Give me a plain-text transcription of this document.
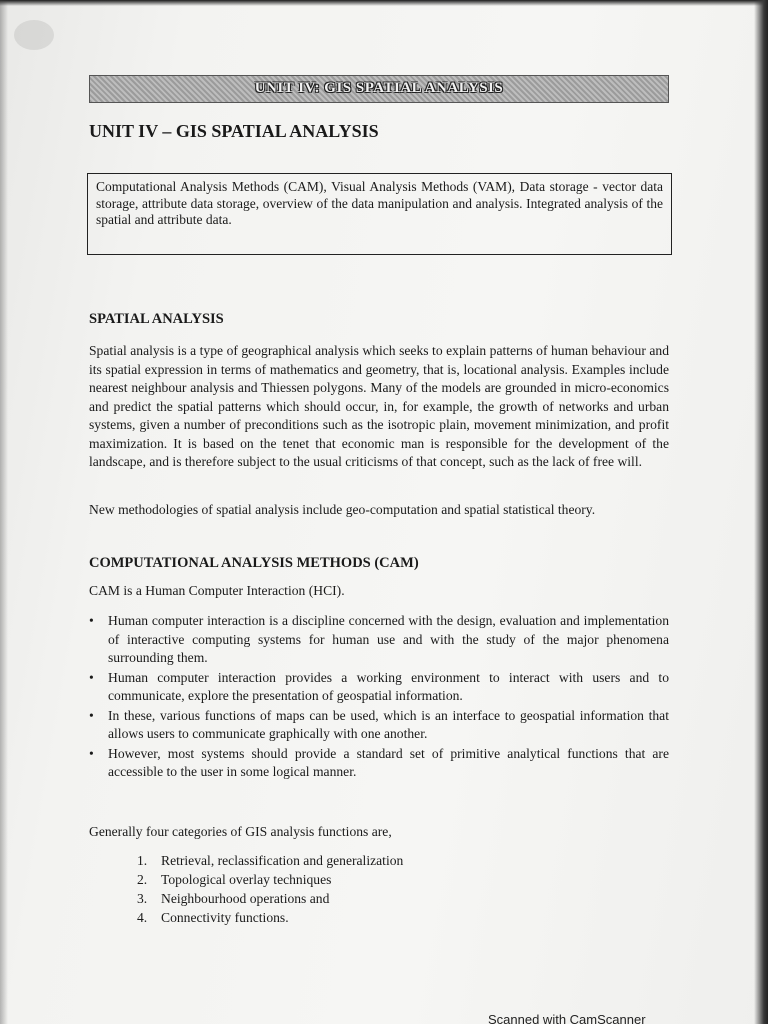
UNIT IV: GIS SPATIAL ANALYSIS
UNIT IV – GIS SPATIAL ANALYSIS
Computational Analysis Methods (CAM), Visual Analysis Methods (VAM), Data storage - vector data storage, attribute data storage, overview of the data manipulation and analysis. Integrated analysis of the spatial and attribute data.
SPATIAL ANALYSIS

Spatial analysis is a type of geographical analysis which seeks to explain patterns of human behaviour and its spatial expression in terms of mathematics and geometry, that is, locational analysis. Examples include nearest neighbour analysis and Thiessen polygons. Many of the models are grounded in micro-economics and predict the spatial patterns which should occur, in, for example, the growth of networks and urban systems, given a number of preconditions such as the isotropic plain, movement minimization, and profit maximization. It is based on the tenet that economic man is responsible for the development of the landscape, and is therefore subject to the usual criticisms of that concept, such as the lack of free will.

New methodologies of spatial analysis include geo-computation and spatial statistical theory.

COMPUTATIONAL ANALYSIS METHODS (CAM)

CAM is a Human Computer Interaction (HCI).

• Human computer interaction is a discipline concerned with the design, evaluation and implementation of interactive computing systems for human use and with the study of the major phenomena surrounding them.
• Human computer interaction provides a working environment to interact with users and to communicate, explore the presentation of geospatial information.
• In these, various functions of maps can be used, which is an interface to geospatial information that allows users to communicate graphically with one another.
• However, most systems should provide a standard set of primitive analytical functions that are accessible to the user in some logical manner.

Generally four categories of GIS analysis functions are,

1. Retrieval, reclassification and generalization
2. Topological overlay techniques
3. Neighbourhood operations and
4. Connectivity functions.
Scanned with CamScanner
